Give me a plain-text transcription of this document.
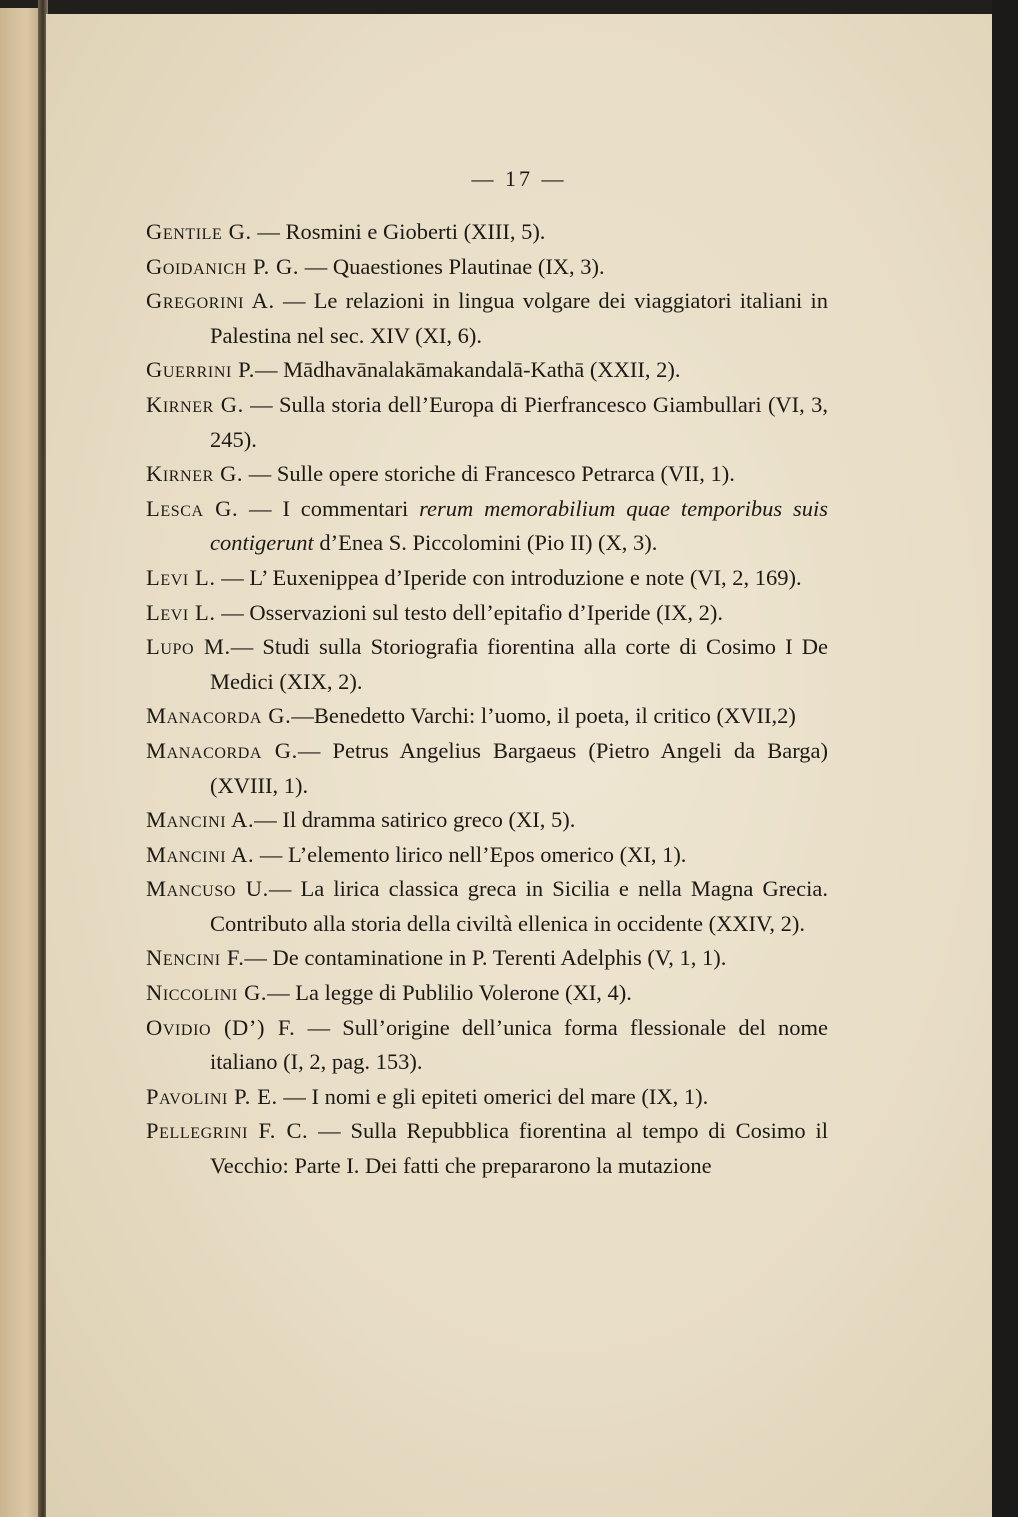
— 17 —

Gentile G. — Rosmini e Gioberti (XIII, 5).

Goidanich P. G. — Quaestiones Plautinae (IX, 3).

Gregorini A. — Le relazioni in lingua volgare dei viaggiatori italiani in Palestina nel sec. XIV (XI, 6).

Guerrini P.— Mādhavānalakāmakandalā-Kathā (XXII, 2).

Kirner G. — Sulla storia dell’Europa di Pierfrancesco Giambullari (VI, 3, 245).

Kirner G. — Sulle opere storiche di Francesco Petrarca (VII, 1).

Lesca G. — I commentari rerum memorabilium quae temporibus suis contigerunt d’Enea S. Piccolomini (Pio II) (X, 3).

Levi L. — L’ Euxenippea d’Iperide con introduzione e note (VI, 2, 169).

Levi L. — Osservazioni sul testo dell’epitafio d’Iperide (IX, 2).

Lupo M.— Studi sulla Storiografia fiorentina alla corte di Cosimo I De Medici (XIX, 2).

Manacorda G.—Benedetto Varchi: l’uomo, il poeta, il critico (XVII,2)

Manacorda G.— Petrus Angelius Bargaeus (Pietro Angeli da Barga) (XVIII, 1).

Mancini A.— Il dramma satirico greco (XI, 5).

Mancini A. — L’elemento lirico nell’Epos omerico (XI, 1).

Mancuso U.— La lirica classica greca in Sicilia e nella Magna Grecia. Contributo alla storia della civiltà ellenica in occidente (XXIV, 2).

Nencini F.— De contaminatione in P. Terenti Adelphis (V, 1, 1).

Niccolini G.— La legge di Publilio Volerone (XI, 4).

Ovidio (D’) F. — Sull’origine dell’unica forma flessionale del nome italiano (I, 2, pag. 153).

Pavolini P. E. — I nomi e gli epiteti omerici del mare (IX, 1).

Pellegrini F. C. — Sulla Repubblica fiorentina al tempo di Cosimo il Vecchio: Parte I. Dei fatti che prepararono la mutazione
